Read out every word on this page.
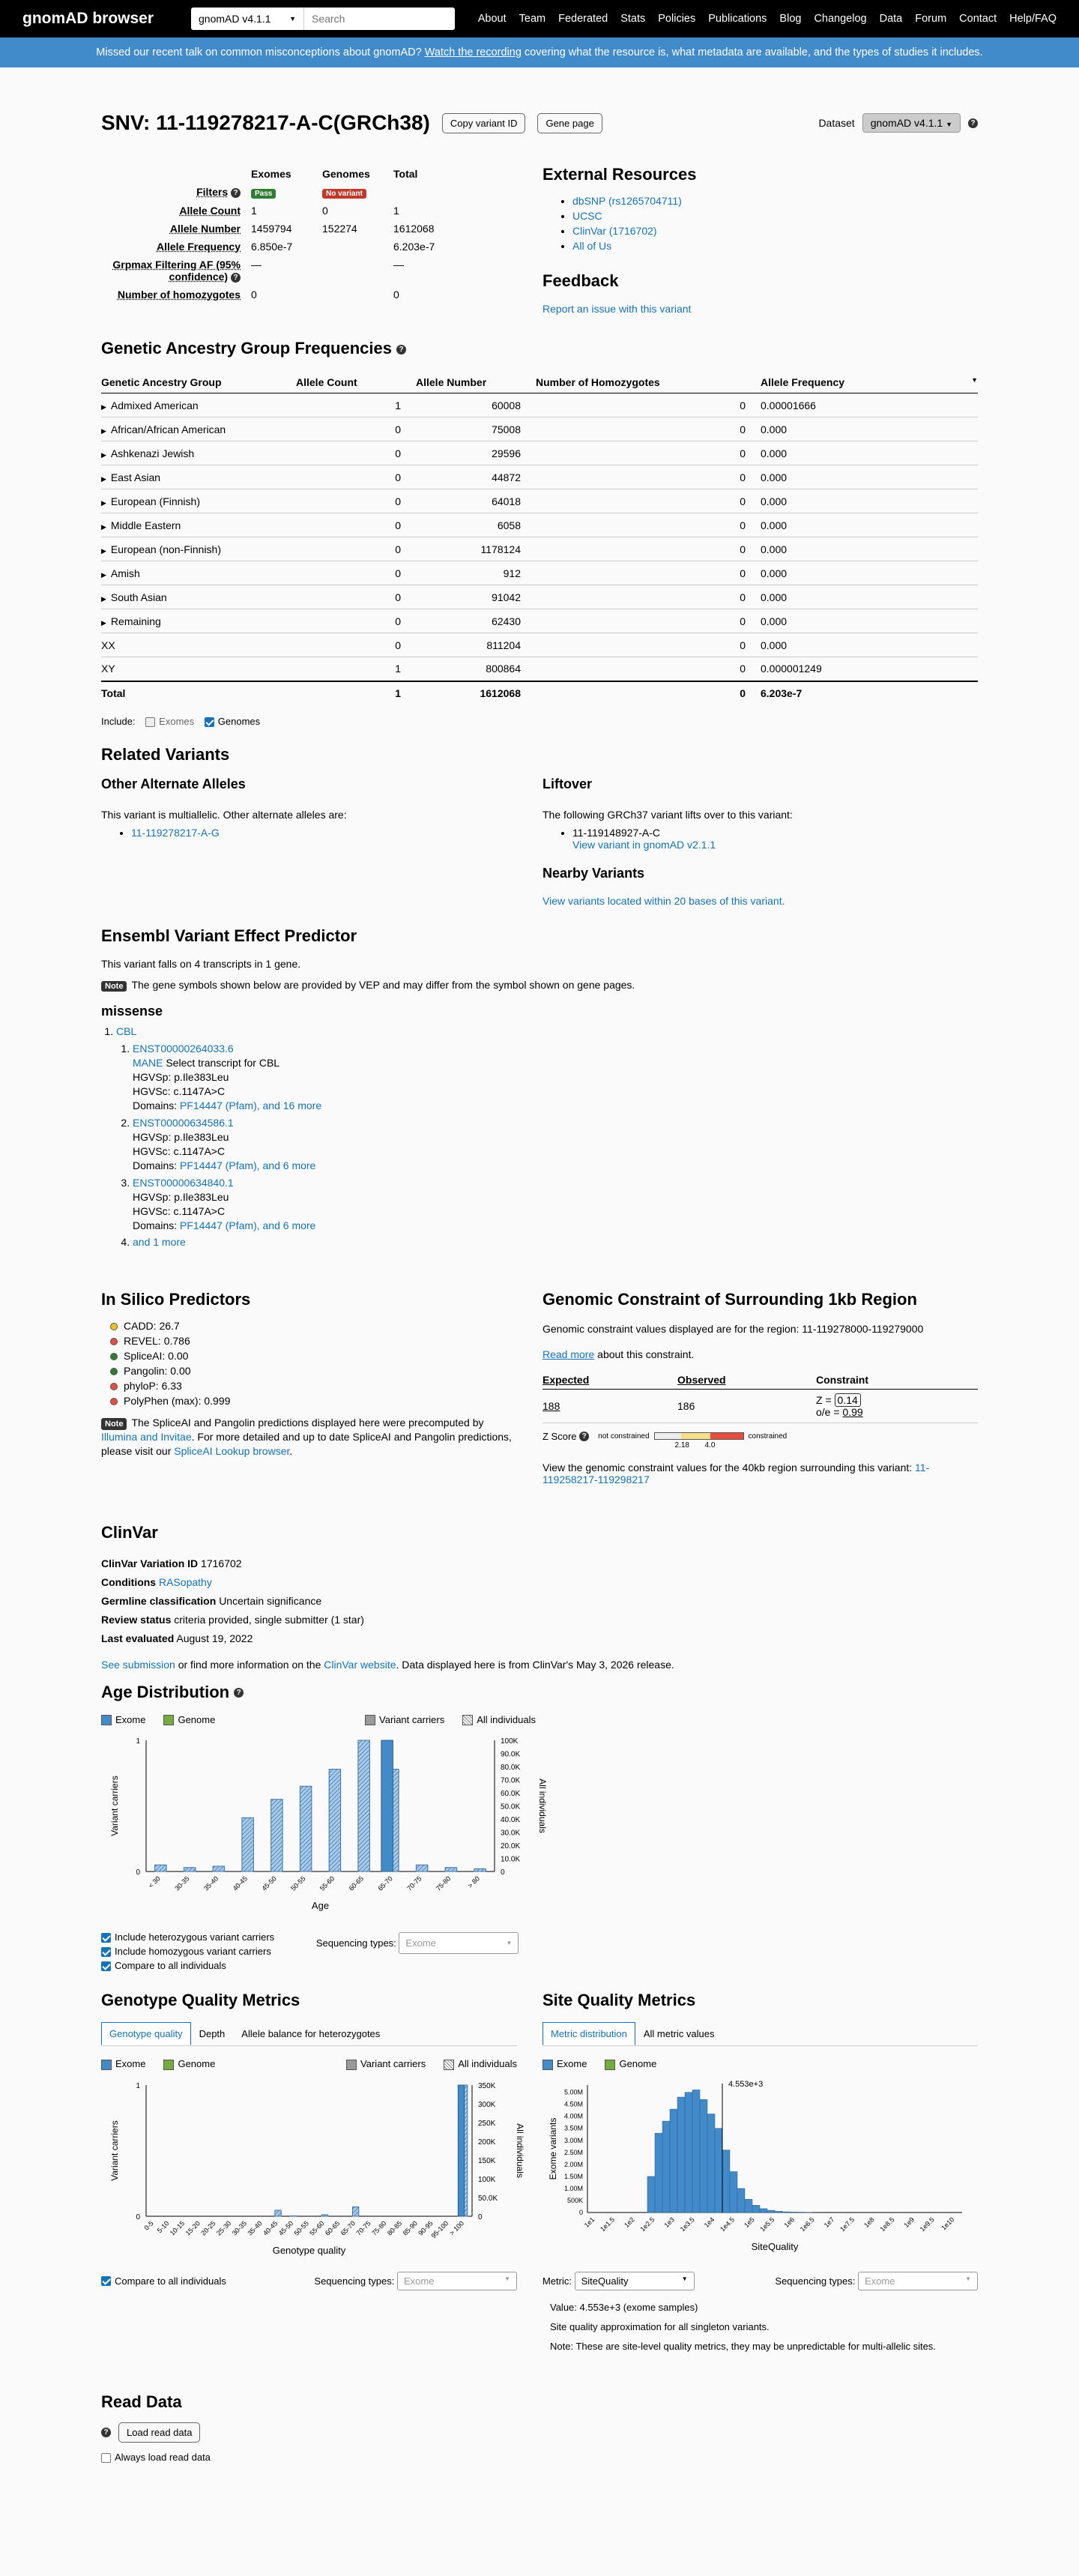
gnomAD browser	gnomAD v4.1.1	▼
Search	About Team Federated Stats Policies Publications Blog Changelog Data Forum Contact Help/FAQ
Missed our recent talk on common misconceptions about gnomAD? Watch the recording covering what the resource is, what metadata are available, and the types of studies it includes.
SNV: 11-119278217-A-C(GRCh38)	Copy variant ID	Gene page	Dataset	gnomAD v4.1.1 ▼	?
	Exomes	Genomes	Total
Filters ?	Pass	No variant	
Allele Count	1	0	1
Allele Number	1459794	152274	1612068
Allele Frequency	6.850e-7		6.203e-7
Grpmax Filtering AF (95% confidence) ?	—		—
Number of homozygotes	0		0
External Resources
• dbSNP (rs1265704711)
• UCSC
• ClinVar (1716702)
• All of Us
Feedback
Report an issue with this variant
Genetic Ancestry Group Frequencies ?
Genetic Ancestry Group	Allele Count	Allele Number	Number of Homozygotes	Allele Frequency ▼

▶ Admixed American	1	60008	0	0.00001666
▶ African/African American	0	75008	0	0.000
▶ Ashkenazi Jewish	0	29596	0	0.000
▶ East Asian	0	44872	0	0.000
▶ European (Finnish)	0	64018	0	0.000
▶ Middle Eastern	0	6058	0	0.000
▶ European (non-Finnish)	0	1178124	0	0.000
▶ Amish	0	912	0	0.000
▶ South Asian	0	91042	0	0.000
▶ Remaining	0	62430	0	0.000
XX	0	811204	0	0.000
XY	1	800864	0	0.000001249
Total	1	1612068	0	6.203e-7
Include: Exomes Genomes
Related Variants
Other Alternate Alleles

This variant is multiallelic. Other alternate alleles are:

• 11-119278217-A-G
Liftover

The following GRCh37 variant lifts over to this variant:

• 11-119148927-A-C
View variant in gnomAD v2.1.1
Nearby Variants
View variants located within 20 bases of this variant.
Ensembl Variant Effect Predictor

This variant falls on 4 transcripts in 1 gene.

Note The gene symbols shown below are provided by VEP and may differ from the symbol shown on gene pages.
missense
1. CBL
1. ENST00000264033.6
MANE Select transcript for CBL
HGVSp: p.Ile383Leu
HGVSc: c.1147A>C
Domains: PF14447 (Pfam), and 16 more
2. ENST00000634586.1
HGVSp: p.Ile383Leu
HGVSc: c.1147A>C
Domains: PF14447 (Pfam), and 6 more
3. ENST00000634840.1
HGVSp: p.Ile383Leu
HGVSc: c.1147A>C
Domains: PF14447 (Pfam), and 6 more
4. and 1 more
In Silico Predictors
CADD: 26.7
REVEL: 0.786
SpliceAI: 0.00
Pangolin: 0.00
phyloP: 6.33
PolyPhen (max): 0.999
Note The SpliceAI and Pangolin predictions displayed here were precomputed by Illumina and Invitae. For more detailed and up to date SpliceAI and Pangolin predictions, please visit our SpliceAI Lookup browser.
Genomic Constraint of Surrounding 1kb Region

Genomic constraint values displayed are for the region: 11-119278000-119279000

Read more about this constraint.

Expected	Observed	Constraint
188	186	Z = 0.14
o/e = 0.99
Z Score
?	not constrained
2.18 4.0
constrained

View the genomic constraint values for the 40kb region surrounding this variant: 11-119258217-119298217

ClinVar
ClinVar Variation ID 1716702
Conditions RASopathy
Germline classification Uncertain significance
Review status criteria provided, single submitter (1 star)
Last evaluated August 19, 2022

See submission or find more information on the ClinVar website. Data displayed here is from ClinVar's May 3, 2026 release.

Age Distribution ?
Exome	Genome	Variant carriers	All individuals
0
1
0
10.0K
20.0K
30.0K
40.0K
50.0K
60.0K
70.0K
80.0K
90.0K
100K
< 30 30-35 35-40 40-45 45-50 50-55 55-60 60-65 65-70 70-75 75-80 > 80
Variant carriers	All individuals
Age
Include heterozygous variant carriers
Include homozygous variant carriers
Sequencing types: Exome	▼
Compare to all individuals
Genotype Quality Metrics
Genotype quality	Depth	Allele balance for heterozygotes
Exome	Genome	Variant carriers	All individuals
0
1
0
50.0K
100K
150K
200K
250K
300K
350K
0-5 5-10
10-15
15-20
20-25
25-30
30-35
35-40
40-45
45-50
50-55
55-60
60-65
65-70
70-75
75-80
80-85
85-90
90-95
95-100
> 100
Variant carriers	All individuals
Genotype quality
Compare to all individuals	Sequencing types: Exome	▼
Site Quality Metrics
Metric distribution	All metric values
Exome	Genome
0
500K
1.00M
1.50M
2.00M
2.50M
3.00M
3.50M
4.00M
4.50M
5.00M
1e1 1e1.5 1e2 1e2.5 1e3 1e3.5 1e4 1e4.5 1e5 1e5.5 1e6 1e6.5 1e7 1e7.5 1e8 1e8.5 1e9 1e9.5 1e10
4.553e+3
Exome variants
SiteQuality
Metric:
SiteQuality	▼	Sequencing types: Exome	▼

Value: 4.553e+3 (exome samples)

Site quality approximation for all singleton variants.

Note: These are site-level quality metrics, they may be unpredictable for multi-allelic sites.

Read Data
?	Load read data
Always load read data
